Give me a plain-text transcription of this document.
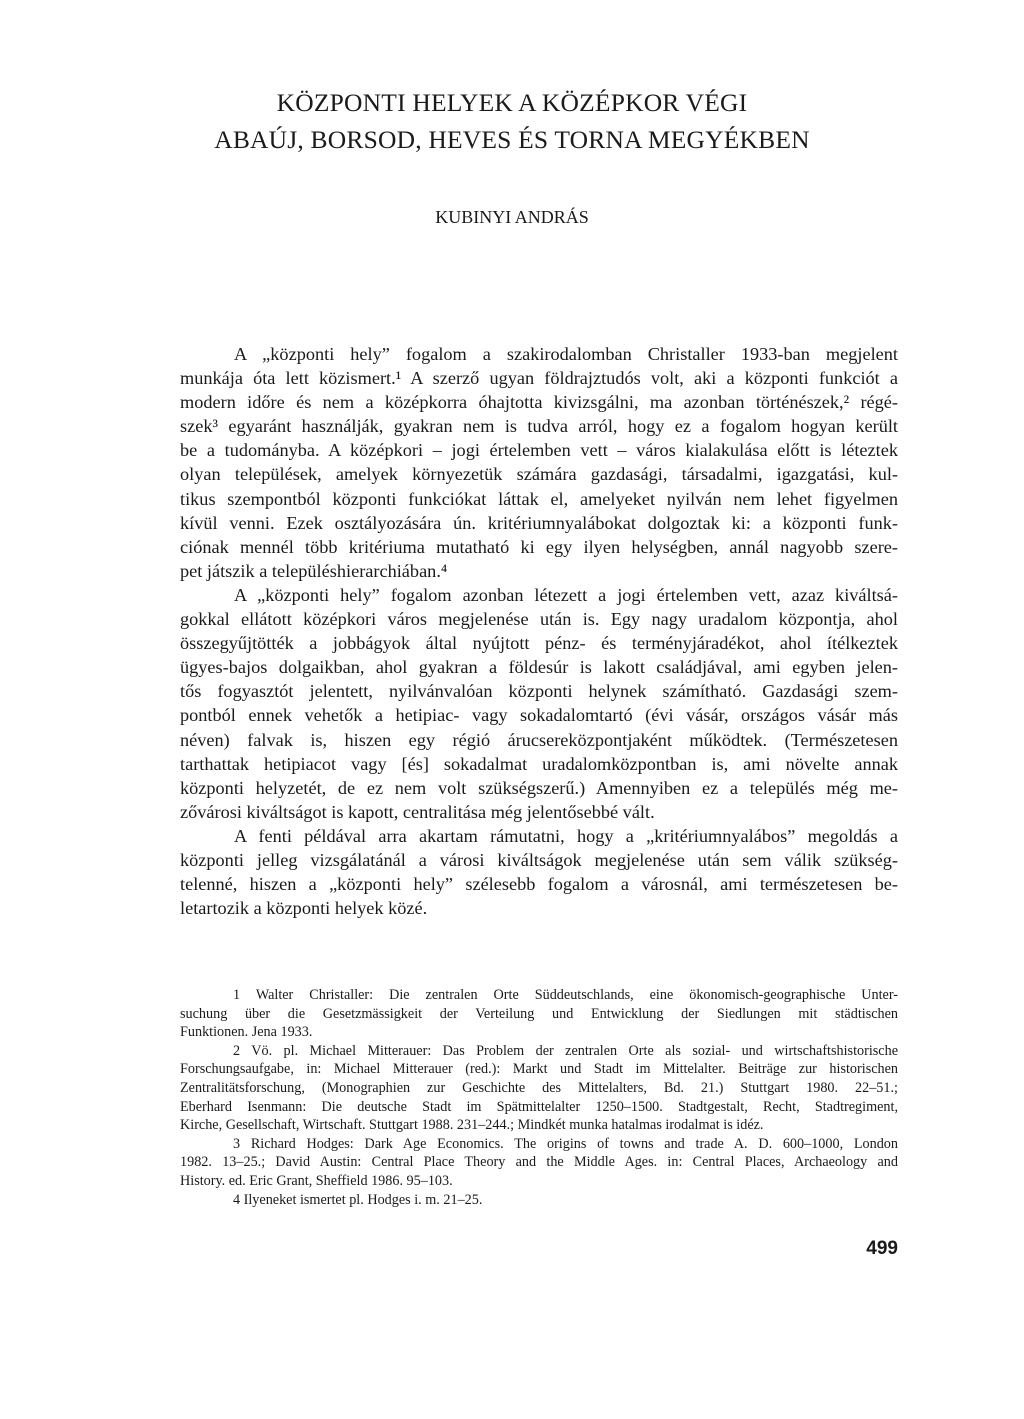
KÖZPONTI HELYEK A KÖZÉPKOR VÉGI
ABAÚJ, BORSOD, HEVES ÉS TORNA MEGYÉKBEN
KUBINYI ANDRÁS
A „központi hely” fogalom a szakirodalomban Christaller 1933-ban megjelent
munkája óta lett közismert.¹ A szerző ugyan földrajztudós volt, aki a központi funkciót a
modern időre és nem a középkorra óhajtotta kivizsgálni, ma azonban történészek,² régé-
szek³ egyaránt használják, gyakran nem is tudva arról, hogy ez a fogalom hogyan került
be a tudományba. A középkori – jogi értelemben vett – város kialakulása előtt is léteztek
olyan települések, amelyek környezetük számára gazdasági, társadalmi, igazgatási, kul-
tikus szempontból központi funkciókat láttak el, amelyeket nyilván nem lehet figyelmen
kívül venni. Ezek osztályozására ún. kritériumnyalábokat dolgoztak ki: a központi funk-
ciónak mennél több kritériuma mutatható ki egy ilyen helységben, annál nagyobb szere-
pet játszik a településhierarchiában.⁴
A „központi hely” fogalom azonban létezett a jogi értelemben vett, azaz kiváltsá-
gokkal ellátott középkori város megjelenése után is. Egy nagy uradalom központja, ahol
összegyűjtötték a jobbágyok által nyújtott pénz- és terményjáradékot, ahol ítélkeztek
ügyes-bajos dolgaikban, ahol gyakran a földesúr is lakott családjával, ami egyben jelen-
tős fogyasztót jelentett, nyilvánvalóan központi helynek számítható. Gazdasági szem-
pontból ennek vehetők a hetipiac- vagy sokadalomtartó (évi vásár, országos vásár más
néven) falvak is, hiszen egy régió árucsereközpontjaként működtek. (Természetesen
tarthattak hetipiacot vagy [és] sokadalmat uradalomközpontban is, ami növelte annak
központi helyzetét, de ez nem volt szükségszerű.) Amennyiben ez a település még me-
zővárosi kiváltságot is kapott, centralitása még jelentősebbé vált.
A fenti példával arra akartam rámutatni, hogy a „kritériumnyalábos” megoldás a
központi jelleg vizsgálatánál a városi kiváltságok megjelenése után sem válik szükség-
telenné, hiszen a „központi hely” szélesebb fogalom a városnál, ami természetesen be-
letartozik a központi helyek közé.
1 Walter Christaller: Die zentralen Orte Süddeutschlands, eine ökonomisch-geographische Unter-
suchung über die Gesetzmässigkeit der Verteilung und Entwicklung der Siedlungen mit städtischen
Funktionen. Jena 1933.
2 Vö. pl. Michael Mitterauer: Das Problem der zentralen Orte als sozial- und wirtschaftshistorische
Forschungsaufgabe, in: Michael Mitterauer (red.): Markt und Stadt im Mittelalter. Beiträge zur historischen
Zentralitätsforschung, (Monographien zur Geschichte des Mittelalters, Bd. 21.) Stuttgart 1980. 22–51.;
Eberhard Isenmann: Die deutsche Stadt im Spätmittelalter 1250–1500. Stadtgestalt, Recht, Stadtregiment,
Kirche, Gesellschaft, Wirtschaft. Stuttgart 1988. 231–244.; Mindkét munka hatalmas irodalmat is idéz.
3 Richard Hodges: Dark Age Economics. The origins of towns and trade A. D. 600–1000, London
1982. 13–25.; David Austin: Central Place Theory and the Middle Ages. in: Central Places, Archaeology and
History. ed. Eric Grant, Sheffield 1986. 95–103.
4 Ilyeneket ismertet pl. Hodges i. m. 21–25.
499
